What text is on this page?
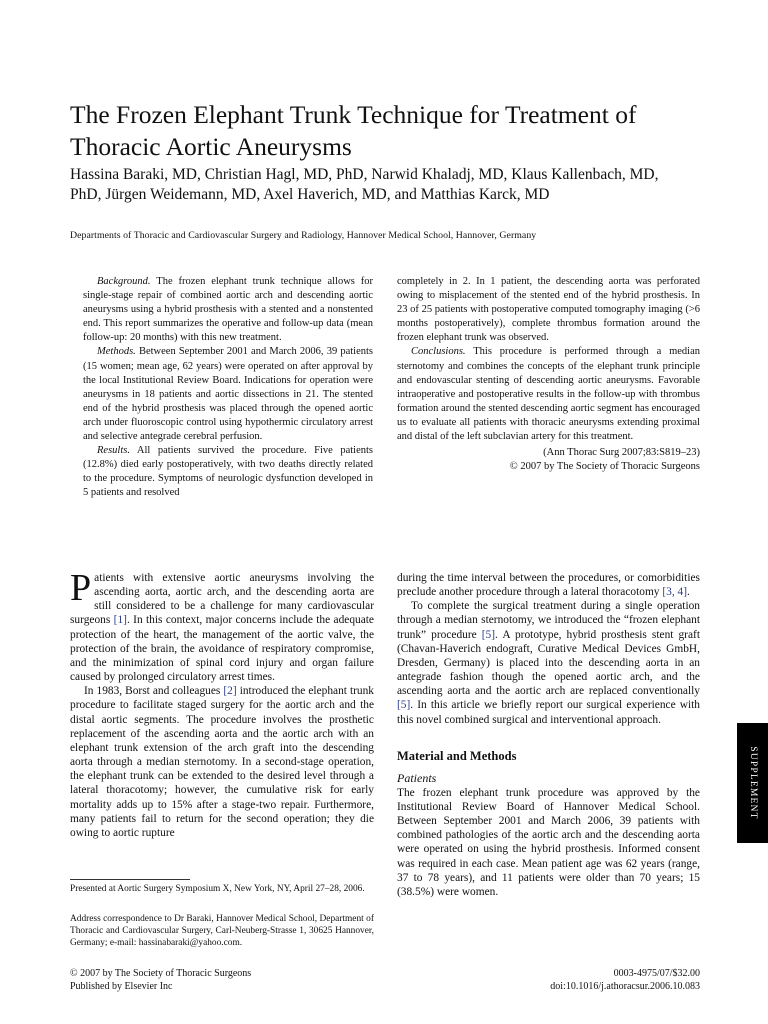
The Frozen Elephant Trunk Technique for Treatment of Thoracic Aortic Aneurysms
Hassina Baraki, MD, Christian Hagl, MD, PhD, Narwid Khaladj, MD, Klaus Kallenbach, MD, PhD, Jürgen Weidemann, MD, Axel Haverich, MD, and Matthias Karck, MD
Departments of Thoracic and Cardiovascular Surgery and Radiology, Hannover Medical School, Hannover, Germany

Background. The frozen elephant trunk technique allows for single-stage repair of combined aortic arch and descending aortic aneurysms using a hybrid prosthesis with a stented and a nonstented end. This report summarizes the operative and follow-up data (mean follow-up: 20 months) with this new treatment.

Methods. Between September 2001 and March 2006, 39 patients (15 women; mean age, 62 years) were operated on after approval by the local Institutional Review Board. Indications for operation were aneurysms in 18 patients and aortic dissections in 21. The stented end of the hybrid prosthesis was placed through the opened aortic arch under fluoroscopic control using hypothermic circulatory arrest and selective antegrade cerebral perfusion.

Results. All patients survived the procedure. Five patients (12.8%) died early postoperatively, with two deaths directly related to the procedure. Symptoms of neurologic dysfunction developed in 5 patients and resolved

completely in 2. In 1 patient, the descending aorta was perforated owing to misplacement of the stented end of the hybrid prosthesis. In 23 of 25 patients with postoperative computed tomography imaging (>6 months postoperatively), complete thrombus formation around the frozen elephant trunk was observed.

Conclusions. This procedure is performed through a median sternotomy and combines the concepts of the elephant trunk principle and endovascular stenting of descending aortic aneurysms. Favorable intraoperative and postoperative results in the follow-up with thrombus formation around the stented descending aortic segment has encouraged us to evaluate all patients with thoracic aneurysms extending proximal and distal of the left subclavian artery for this treatment.

(Ann Thorac Surg 2007;83:S819–23)
© 2007 by The Society of Thoracic Surgeons

Patients with extensive aortic aneurysms involving the ascending aorta, aortic arch, and the descending aorta are still considered to be a challenge for many cardiovascular surgeons [1]. In this context, major concerns include the adequate protection of the heart, the management of the aortic valve, the protection of the brain, the avoidance of respiratory compromise, and the minimization of spinal cord injury and organ failure caused by prolonged circulatory arrest times.

In 1983, Borst and colleagues [2] introduced the elephant trunk procedure to facilitate staged surgery for the aortic arch and the distal aortic segments. The procedure involves the prosthetic replacement of the ascending aorta and the aortic arch with an elephant trunk extension of the arch graft into the descending aorta through a median sternotomy. In a second-stage operation, the elephant trunk can be extended to the desired level through a lateral thoracotomy; however, the cumulative risk for early mortality adds up to 15% after a stage-two repair. Furthermore, many patients fail to return for the second operation; they die owing to aortic rupture

during the time interval between the procedures, or comorbidities preclude another procedure through a lateral thoracotomy [3, 4].

To complete the surgical treatment during a single operation through a median sternotomy, we introduced the “frozen elephant trunk” procedure [5]. A prototype, hybrid prosthesis stent graft (Chavan-Haverich endograft, Curative Medical Devices GmbH, Dresden, Germany) is placed into the descending aorta in an antegrade fashion though the opened aortic arch, and the ascending aorta and the aortic arch are replaced conventionally [5]. In this article we briefly report our surgical experience with this novel combined surgical and interventional approach.

Material and Methods
Patients

The frozen elephant trunk procedure was approved by the Institutional Review Board of Hannover Medical School. Between September 2001 and March 2006, 39 patients with combined pathologies of the aortic arch and the descending aorta were operated on using the hybrid prosthesis. Informed consent was required in each case. Mean patient age was 62 years (range, 37 to 78 years), and 11 patients were older than 70 years; 15 (38.5%) were women.

Presented at Aortic Surgery Symposium X, New York, NY, April 27–28, 2006.
Address correspondence to Dr Baraki, Hannover Medical School, Department of Thoracic and Cardiovascular Surgery, Carl-Neuberg-Strasse 1, 30625 Hannover, Germany; e-mail: hassinabaraki@yahoo.com.
© 2007 by The Society of Thoracic Surgeons
Published by Elsevier Inc
0003-4975/07/$32.00
doi:10.1016/j.athoracsur.2006.10.083
SUPPLEMENT
